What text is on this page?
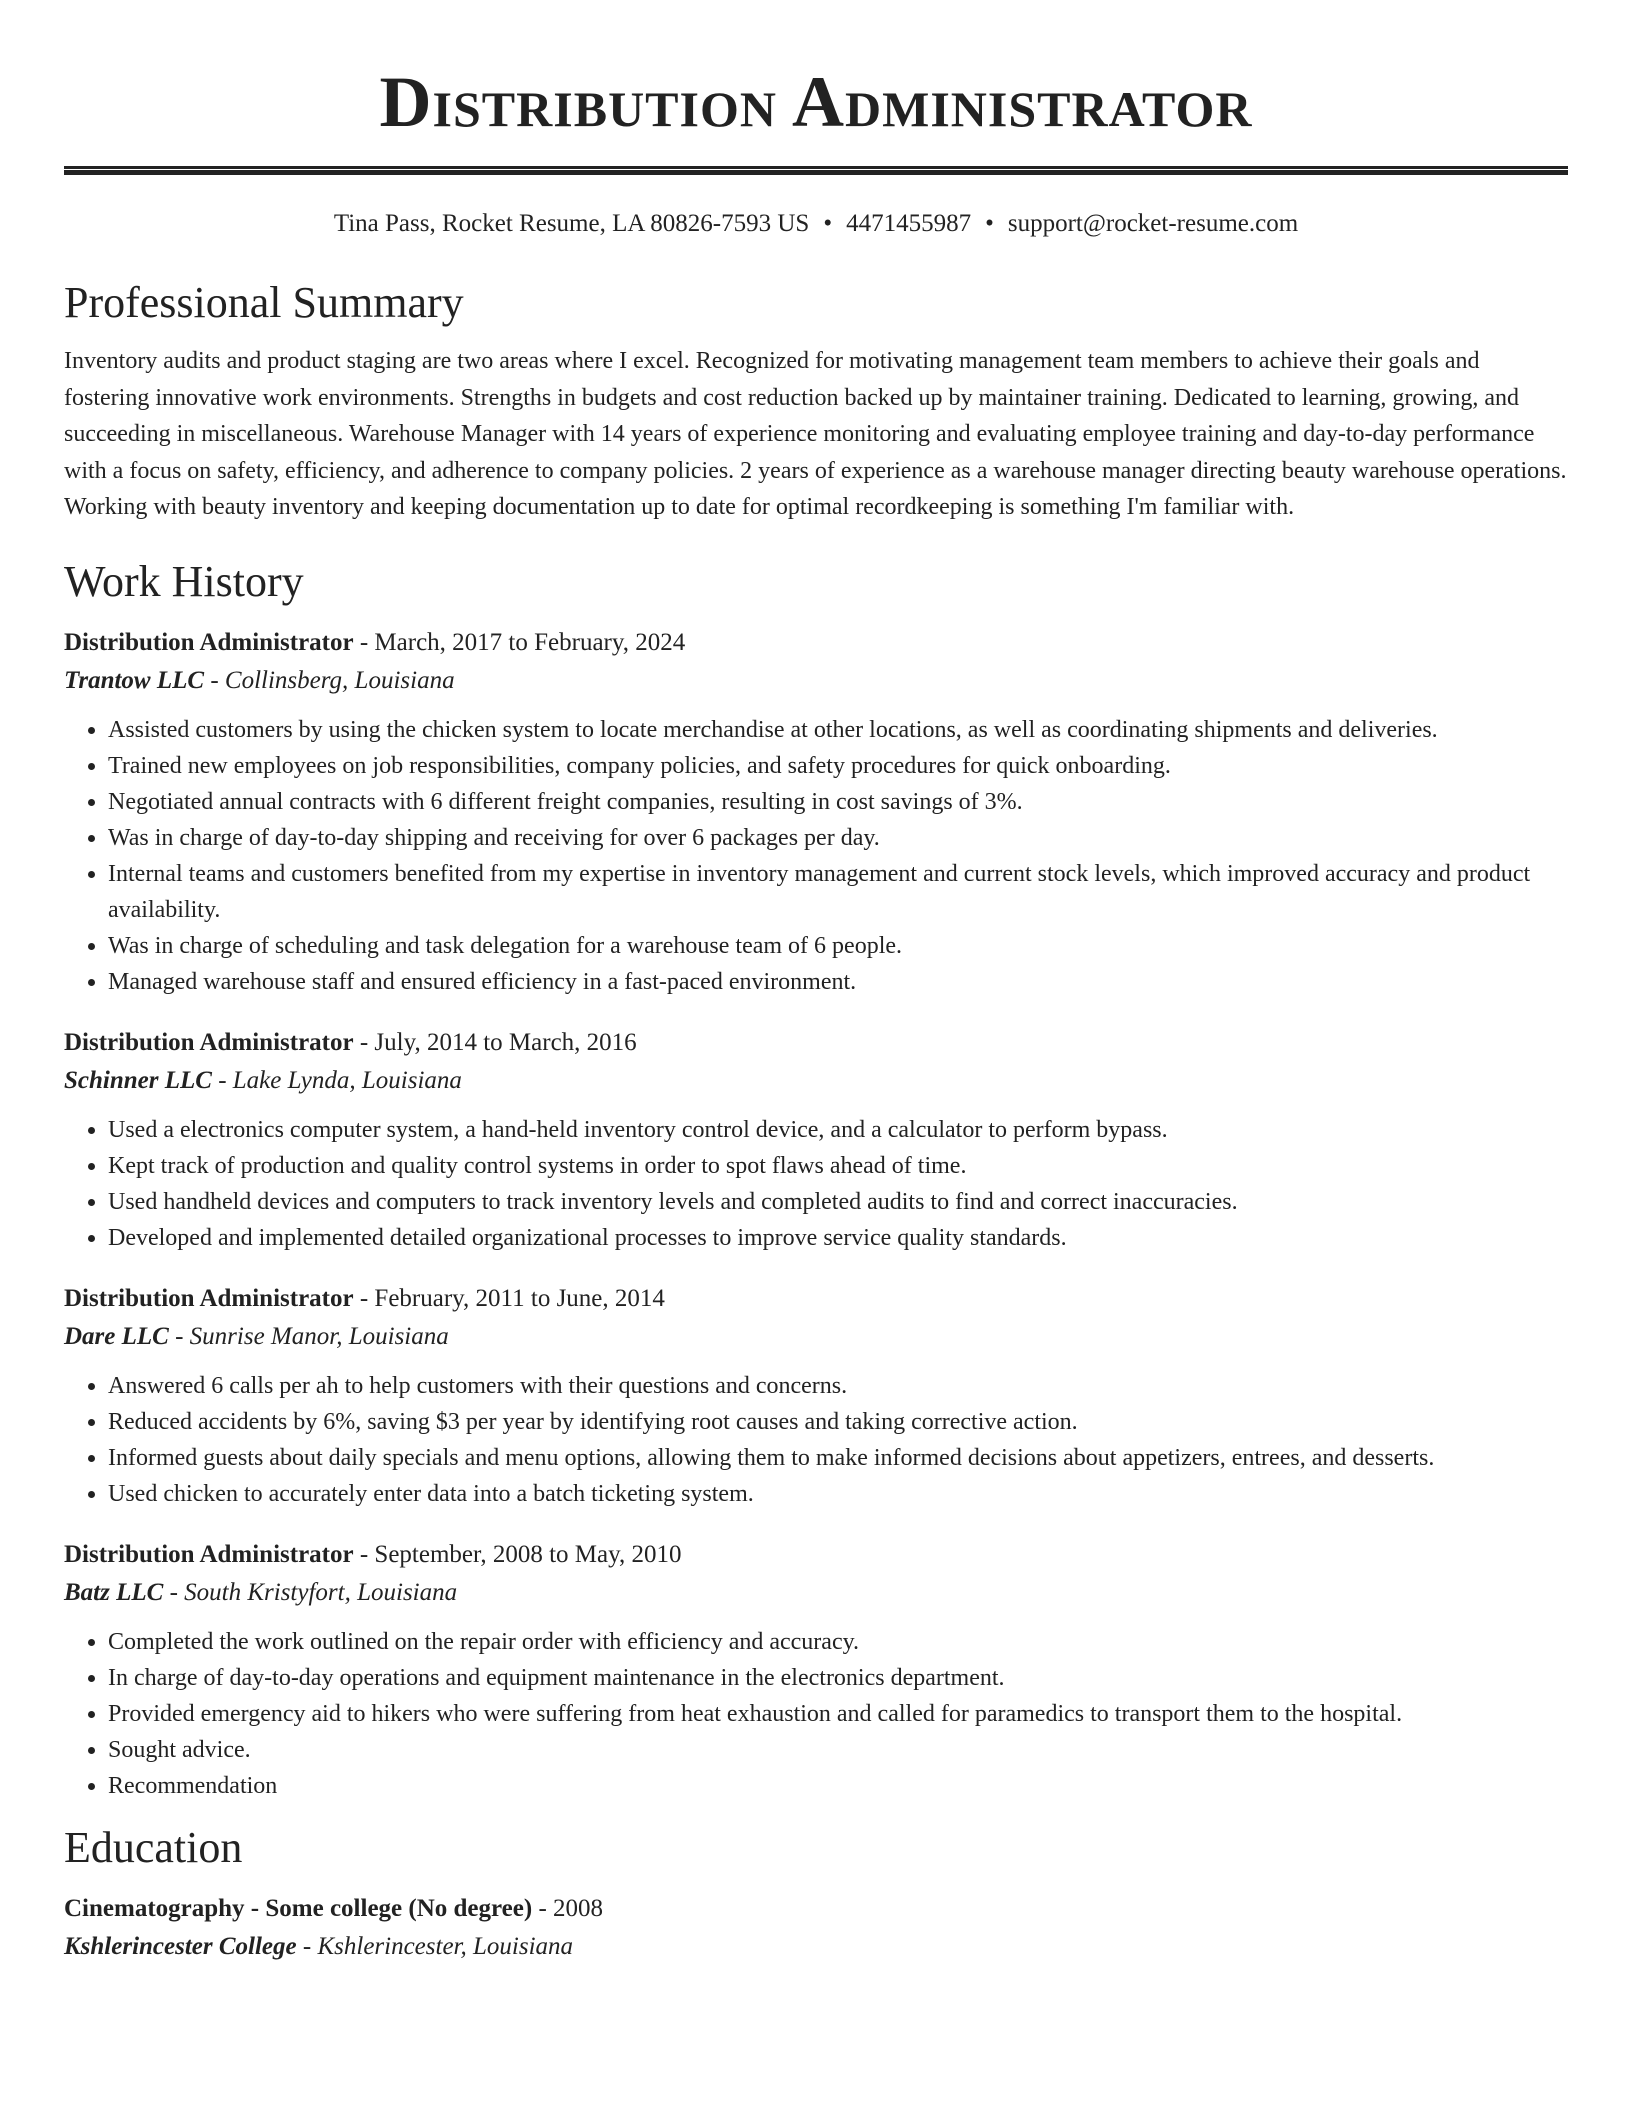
Distribution Administrator
Tina Pass, Rocket Resume, LA 80826-7593 US • 4471455987 • support@rocket-resume.com
Professional Summary

Inventory audits and product staging are two areas where I excel. Recognized for motivating management team members to achieve their goals and fostering innovative work environments. Strengths in budgets and cost reduction backed up by maintainer training. Dedicated to learning, growing, and succeeding in miscellaneous. Warehouse Manager with 14 years of experience monitoring and evaluating employee training and day-to-day performance with a focus on safety, efficiency, and adherence to company policies. 2 years of experience as a warehouse manager directing beauty warehouse operations. Working with beauty inventory and keeping documentation up to date for optimal recordkeeping is something I'm familiar with.

Work History
Distribution Administrator - March, 2017 to February, 2024
Trantow LLC - Collinsberg, Louisiana
• Assisted customers by using the chicken system to locate merchandise at other locations, as well as coordinating shipments and deliveries.
• Trained new employees on job responsibilities, company policies, and safety procedures for quick onboarding.
• Negotiated annual contracts with 6 different freight companies, resulting in cost savings of 3%.
• Was in charge of day-to-day shipping and receiving for over 6 packages per day.
• Internal teams and customers benefited from my expertise in inventory management and current stock levels, which improved accuracy and product availability.
• Was in charge of scheduling and task delegation for a warehouse team of 6 people.
• Managed warehouse staff and ensured efficiency in a fast-paced environment.
Distribution Administrator - July, 2014 to March, 2016
Schinner LLC - Lake Lynda, Louisiana
• Used a electronics computer system, a hand-held inventory control device, and a calculator to perform bypass.
• Kept track of production and quality control systems in order to spot flaws ahead of time.
• Used handheld devices and computers to track inventory levels and completed audits to find and correct inaccuracies.
• Developed and implemented detailed organizational processes to improve service quality standards.
Distribution Administrator - February, 2011 to June, 2014
Dare LLC - Sunrise Manor, Louisiana
• Answered 6 calls per ah to help customers with their questions and concerns.
• Reduced accidents by 6%, saving $3 per year by identifying root causes and taking corrective action.
• Informed guests about daily specials and menu options, allowing them to make informed decisions about appetizers, entrees, and desserts.
• Used chicken to accurately enter data into a batch ticketing system.
Distribution Administrator - September, 2008 to May, 2010
Batz LLC - South Kristyfort, Louisiana
• Completed the work outlined on the repair order with efficiency and accuracy.
• In charge of day-to-day operations and equipment maintenance in the electronics department.
• Provided emergency aid to hikers who were suffering from heat exhaustion and called for paramedics to transport them to the hospital.
• Sought advice.
• Recommendation
Education
Cinematography - Some college (No degree) - 2008
Kshlerincester College - Kshlerincester, Louisiana
